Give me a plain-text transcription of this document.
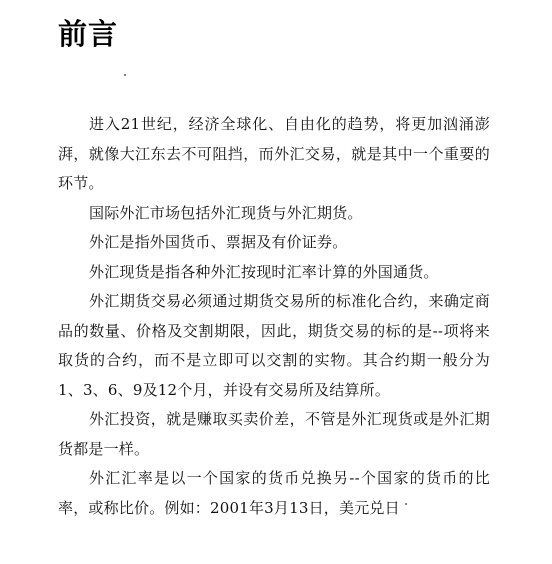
前言

进入21世纪，经济全球化、自由化的趋势，将更加汹涌澎湃，就像大江东去不可阻挡，而外汇交易，就是其中一个重要的环节。

国际外汇市场包括外汇现货与外汇期货。

外汇是指外国货币、票据及有价证券。

外汇现货是指各种外汇按现时汇率计算的外国通货。

外汇期货交易必须通过期货交易所的标准化合约，来确定商品的数量、价格及交割期限，因此，期货交易的标的是--项将来取货的合约，而不是立即可以交割的实物。其合约期一般分为1、3、6、9及12个月，并设有交易所及结算所。

外汇投资，就是赚取买卖价差，不管是外汇现货或是外汇期货都是一样。

外汇汇率是以一个国家的货币兑换另--个国家的货币的比率，或称比价。例如：2001年3月13日，美元兑日
